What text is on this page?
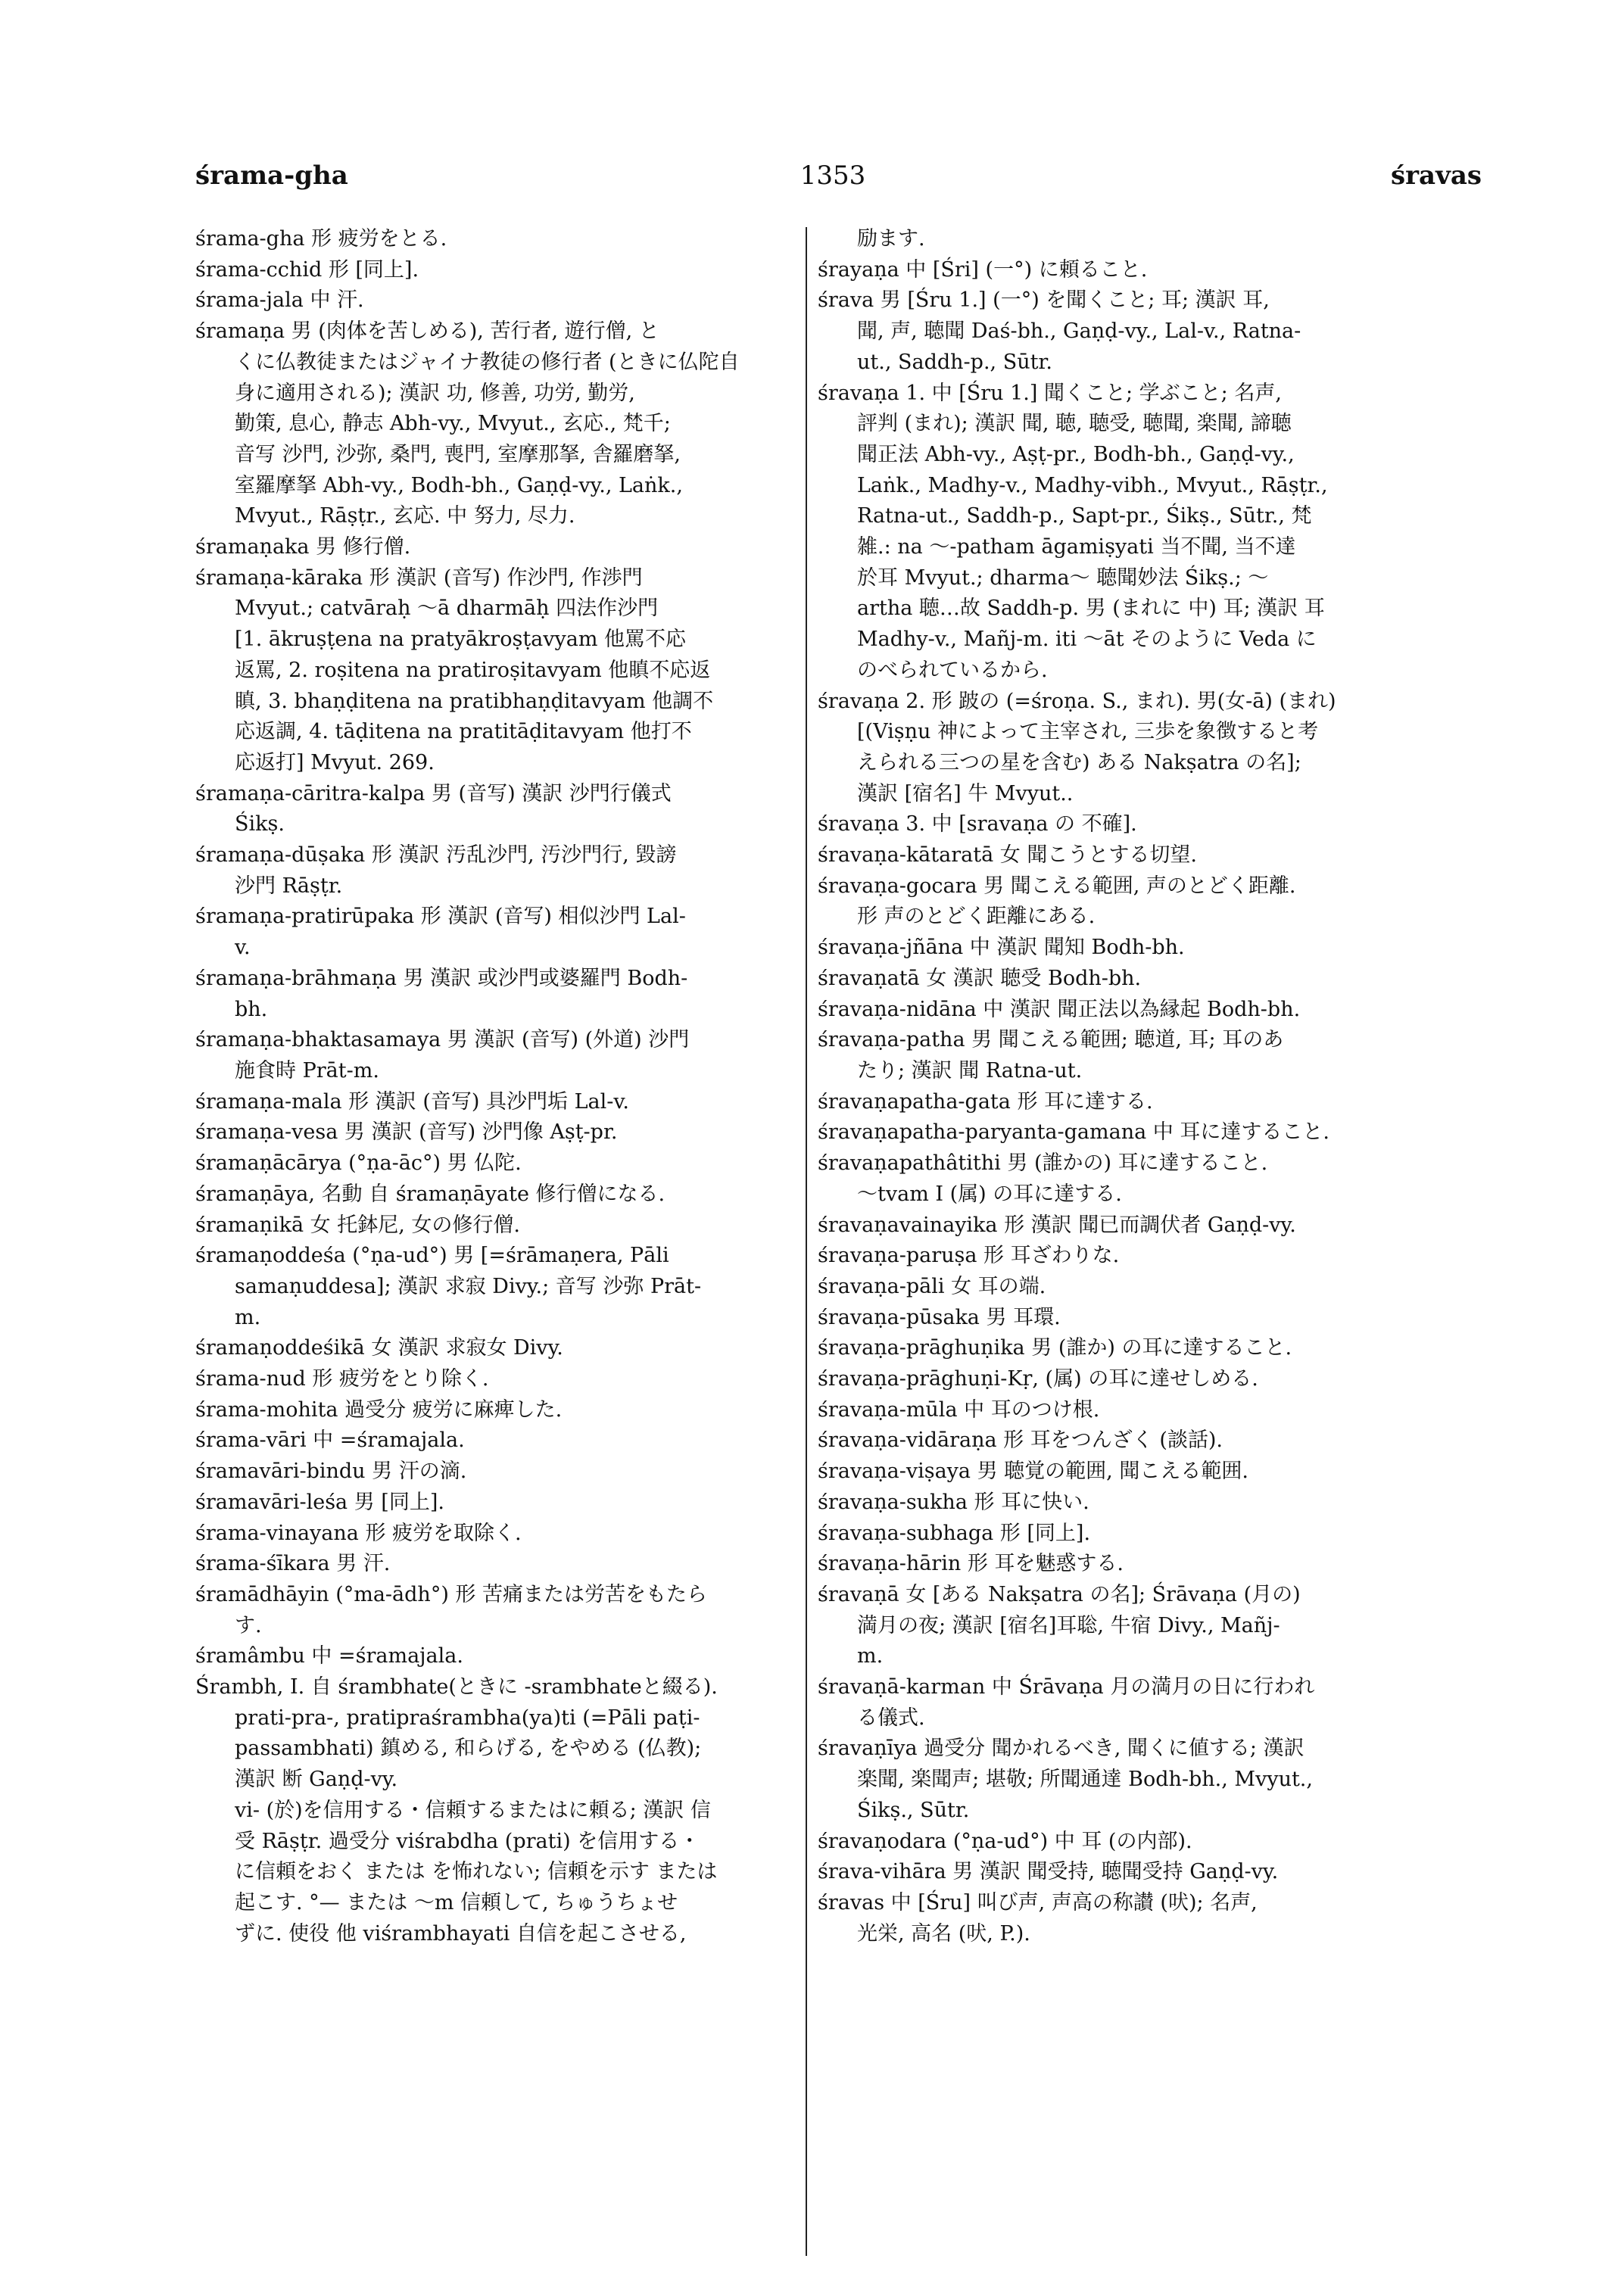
śrama-gha	1353	śravas

śrama-gha 形 疲労をとる.

śrama-cchid 形 [同上].

śrama-jala 中 汗.

śramaṇa 男 (肉体を苦しめる), 苦行者, 遊行僧, と

くに仏教徒またはジャイナ教徒の修行者 (ときに仏陀自

身に適用される); 漢訳 功, 修善, 功労, 勤労,

勤策, 息心, 静志 Abh-vy., Mvyut., 玄応., 梵千;

音写 沙門, 沙弥, 桑門, 喪門, 室摩那拏, 舎羅磨拏,

室羅摩拏 Abh-vy., Bodh-bh., Gaṇḍ-vy., Laṅk.,

Mvyut., Rāṣṭr., 玄応. 中 努力, 尽力.

śramaṇaka 男 修行僧.

śramaṇa-kāraka 形 漢訳 (音写) 作沙門, 作渉門

Mvyut.; catvāraḥ ～ā dharmāḥ 四法作沙門

[1. ākruṣṭena na pratyākroṣṭavyam 他罵不応

返罵, 2. roṣitena na pratiroṣitavyam 他瞋不応返

瞋, 3. bhaṇḍitena na pratibhaṇḍitavyam 他調不

応返調, 4. tāḍitena na pratitāḍitavyam 他打不

応返打] Mvyut. 269.

śramaṇa-cāritra-kalpa 男 (音写) 漢訳 沙門行儀式

Śikṣ.

śramaṇa-dūṣaka 形 漢訳 汚乱沙門, 汚沙門行, 毀謗

沙門 Rāṣṭr.

śramaṇa-pratirūpaka 形 漢訳 (音写) 相似沙門 Lal-

v.

śramaṇa-brāhmaṇa 男 漢訳 或沙門或婆羅門 Bodh-

bh.

śramaṇa-bhaktasamaya 男 漢訳 (音写) (外道) 沙門

施食時 Prāt-m.

śramaṇa-mala 形 漢訳 (音写) 具沙門垢 Lal-v.

śramaṇa-vesa 男 漢訳 (音写) 沙門像 Aṣṭ-pr.

śramaṇācārya (°ṇa-āc°) 男 仏陀.

śramaṇāya, 名動 自 śramaṇāyate 修行僧になる.

śramaṇikā 女 托鉢尼, 女の修行僧.

śramaṇoddeśa (°ṇa-ud°) 男 [=śrāmaṇera, Pāli

samaṇuddesa]; 漢訳 求寂 Divy.; 音写 沙弥 Prāt-

m.

śramaṇoddeśikā 女 漢訳 求寂女 Divy.

śrama-nud 形 疲労をとり除く.

śrama-mohita 過受分 疲労に麻痺した.

śrama-vāri 中 =śramajala.

śramavāri-bindu 男 汗の滴.

śramavāri-leśa 男 [同上].

śrama-vinayana 形 疲労を取除く.

śrama-śīkara 男 汗.

śramādhāyin (°ma-ādh°) 形 苦痛または労苦をもたら

す.

śramâmbu 中 =śramajala.

Śrambh, I. 自 śrambhate(ときに -srambhateと綴る).

prati-pra-, pratipraśrambha(ya)ti (=Pāli paṭi-

passambhati) 鎮める, 和らげる, をやめる (仏教);

漢訳 断 Gaṇḍ-vy.

vi- (於)を信用する・信頼するまたはに頼る; 漢訳 信

受 Rāṣṭr. 過受分 viśrabdha (prati) を信用する・

に信頼をおく または を怖れない; 信頼を示す または

起こす. °— または ～m 信頼して, ちゅうちょせ

ずに. 使役 他 viśrambhayati 自信を起こさせる,

励ます.

śrayaṇa 中 [Śri] (一°) に頼ること.

śrava 男 [Śru 1.] (一°) を聞くこと; 耳; 漢訳 耳,

聞, 声, 聴聞 Daś-bh., Gaṇḍ-vy., Lal-v., Ratna-

ut., Saddh-p., Sūtr.

śravaṇa 1. 中 [Śru 1.] 聞くこと; 学ぶこと; 名声,

評判 (まれ); 漢訳 聞, 聴, 聴受, 聴聞, 楽聞, 諦聴

聞正法 Abh-vy., Aṣṭ-pr., Bodh-bh., Gaṇḍ-vy.,

Laṅk., Madhy-v., Madhy-vibh., Mvyut., Rāṣṭr.,

Ratna-ut., Saddh-p., Sapt-pr., Śikṣ., Sūtr., 梵

雑.: na ～-patham āgamiṣyati 当不聞, 当不達

於耳 Mvyut.; dharma～ 聴聞妙法 Śikṣ.; ～

artha 聴…故 Saddh-p. 男 (まれに 中) 耳; 漢訳 耳

Madhy-v., Mañj-m. iti ～āt そのように Veda に

のべられているから.

śravaṇa 2. 形 跛の (=śroṇa. S., まれ). 男(女-ā) (まれ)

[(Viṣṇu 神によって主宰され, 三歩を象徴すると考

えられる三つの星を含む) ある Nakṣatra の名];

漢訳 [宿名] 牛 Mvyut..

śravaṇa 3. 中 [sravaṇa の 不確].

śravaṇa-kātaratā 女 聞こうとする切望.

śravaṇa-gocara 男 聞こえる範囲, 声のとどく距離.

形 声のとどく距離にある.

śravaṇa-jñāna 中 漢訳 聞知 Bodh-bh.

śravaṇatā 女 漢訳 聴受 Bodh-bh.

śravaṇa-nidāna 中 漢訳 聞正法以為縁起 Bodh-bh.

śravaṇa-patha 男 聞こえる範囲; 聴道, 耳; 耳のあ

たり; 漢訳 聞 Ratna-ut.

śravaṇapatha-gata 形 耳に達する.

śravaṇapatha-paryanta-gamana 中 耳に達すること.

śravaṇapathâtithi 男 (誰かの) 耳に達すること.

～tvam I (属) の耳に達する.

śravaṇavainayika 形 漢訳 聞已而調伏者 Gaṇḍ-vy.

śravaṇa-paruṣa 形 耳ざわりな.

śravaṇa-pāli 女 耳の端.

śravaṇa-pūsaka 男 耳環.

śravaṇa-prāghuṇika 男 (誰か) の耳に達すること.

śravaṇa-prāghuṇi-Kṛ, (属) の耳に達せしめる.

śravaṇa-mūla 中 耳のつけ根.

śravaṇa-vidāraṇa 形 耳をつんざく (談話).

śravaṇa-viṣaya 男 聴覚の範囲, 聞こえる範囲.

śravaṇa-sukha 形 耳に快い.

śravaṇa-subhaga 形 [同上].

śravaṇa-hārin 形 耳を魅惑する.

śravaṇā 女 [ある Nakṣatra の名]; Śrāvaṇa (月の)

満月の夜; 漢訳 [宿名]耳聡, 牛宿 Divy., Mañj-

m.

śravaṇā-karman 中 Śrāvaṇa 月の満月の日に行われ

る儀式.

śravaṇīya 過受分 聞かれるべき, 聞くに値する; 漢訳

楽聞, 楽聞声; 堪敬; 所聞通達 Bodh-bh., Mvyut.,

Śikṣ., Sūtr.

śravaṇodara (°ṇa-ud°) 中 耳 (の内部).

śrava-vihāra 男 漢訳 聞受持, 聴聞受持 Gaṇḍ-vy.

śravas 中 [Śru] 叫び声, 声高の称讃 (吠); 名声,

光栄, 高名 (吠, P.).
